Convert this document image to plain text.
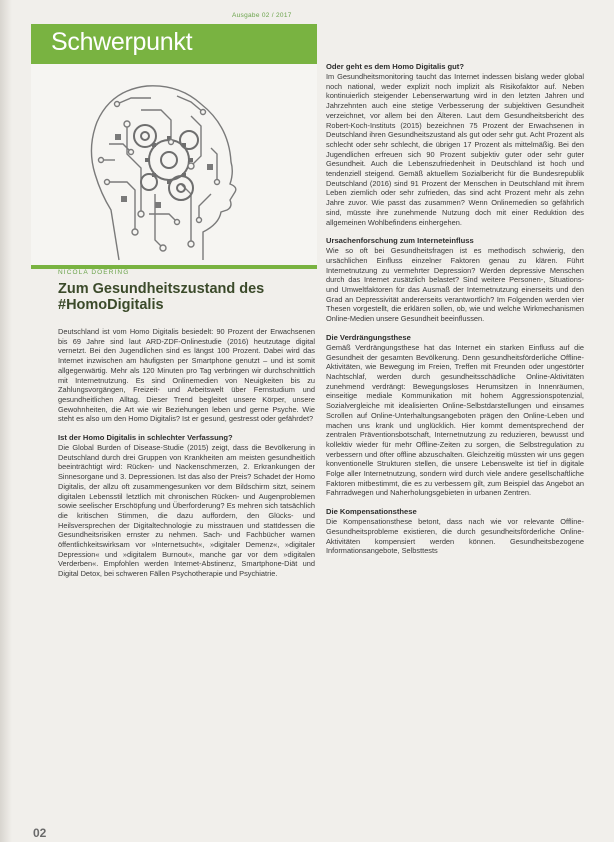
Ausgabe 02 / 2017
Schwerpunkt
NICOLA DOERING
Zum Gesundheitszustand des #HomoDigitalis

Deutschland ist vom Homo Digitalis besiedelt: 90 Prozent der Erwachsenen bis 69 Jahre sind laut ARD-ZDF-Onlinestudie (2016) heutzutage digital vernetzt. Bei den Jugendlichen sind es längst 100 Prozent. Dabei wird das Internet inzwischen am häufigsten per Smartphone genutzt – und ist somit allgegenwärtig. Mehr als 120 Minuten pro Tag verbringen wir durchschnittlich mit Internetnutzung. Es sind Onlinemedien von Neuigkeiten bis zu Zahlungsvorgängen, Freizeit- und Arbeitswelt über Fernstudium und gesundheitlichen Alltag. Dieser Trend begleitet unsere Körper, unsere Gewohnheiten, die Art wie wir Beziehungen leben und gerne Psyche. Wie steht es also um den Homo Digitalis? Ist er gesund, gestresst oder gefährdet?

Ist der Homo Digitalis in schlechter Verfassung?

Die Global Burden of Disease-Studie (2015) zeigt, dass die Bevölkerung in Deutschland durch drei Gruppen von Krankheiten am meisten gesundheitlich beeinträchtigt wird: Rücken- und Nackenschmerzen, 2. Erkrankungen der Sinnesorgane und 3. Depressionen. Ist das also der Preis? Schadet der Homo Digitalis, der allzu oft zusammengesunken vor dem Bildschirm sitzt, seinem digitalen Lebensstil letztlich mit chronischen Rücken- und Augenproblemen sowie seelischer Erschöpfung und Überforderung? Es mehren sich tatsächlich die kritischen Stimmen, die dazu auffordern, den Glücks- und Heilsversprechen der Digitaltechnologie zu misstrauen und stattdessen die Gesundheitsrisiken ernster zu nehmen. Sach- und Fachbücher warnen öffentlichkeitswirksam vor »Internetsucht«, »digitaler Demenz«, »digitaler Depression« und »digitalem Burnout«, manche gar vor dem »digitalen Verderben«. Empfohlen werden Internet-Abstinenz, Smartphone-Diät und Digital Detox, bei schweren Fällen Psychotherapie und Psychiatrie.

Oder geht es dem Homo Digitalis gut?

Im Gesundheitsmonitoring taucht das Internet indessen bislang weder global noch national, weder explizit noch implizit als Risikofaktor auf. Neben kontinuierlich steigender Lebenserwartung wird in den letzten Jahren und Jahrzehnten auch eine stetige Verbesserung der subjektiven Gesundheit verzeichnet, vor allem bei den Älteren. Laut dem Gesundheitsbericht des Robert-Koch-Instituts (2015) bezeichnen 75 Prozent der Erwachsenen in Deutschland ihren Gesundheitszustand als gut oder sehr gut. Acht Prozent als schlecht oder sehr schlecht, die übrigen 17 Prozent als mittelmäßig. Bei den Jugendlichen erfreuen sich 90 Prozent subjektiv guter oder sehr guter Gesundheit. Auch die Lebenszufriedenheit in Deutschland ist hoch und tendenziell steigend. Gemäß aktuellem Sozialbericht für die Bundesrepublik Deutschland (2016) sind 91 Prozent der Menschen in Deutschland mit ihrem Leben ziemlich oder sehr zufrieden, das sind acht Prozent mehr als zehn Jahre zuvor. Wie passt das zusammen? Wenn Onlinemedien so gefährlich sind, müsste ihre zunehmende Nutzung doch mit einer Reduktion des allgemeinen Wohlbefindens einhergehen.

Ursachenforschung zum Interneteinfluss

Wie so oft bei Gesundheitsfragen ist es methodisch schwierig, den ursächlichen Einfluss einzelner Faktoren genau zu klären. Führt Internetnutzung zu vermehrter Depression? Werden depressive Menschen durch das Internet zusätzlich belastet? Sind weitere Personen-, Situations- und Umweltfaktoren für das Ausmaß der Internetnutzung einerseits und den Grad an Depressivität andererseits verantwortlich? Im Folgenden werden vier Thesen vorgestellt, die erklären sollen, ob, wie und welche Wirkmechanismen Online-Medien unsere Gesundheit beeinflussen.

Die Verdrängungsthese

Gemäß Verdrängungsthese hat das Internet ein starken Einfluss auf die Gesundheit der gesamten Bevölkerung. Denn gesundheitsförderliche Offline-Aktivitäten, wie Bewegung im Freien, Treffen mit Freunden oder ungestörter Nachtschlaf, werden durch gesundheitsschädliche Online-Aktivitäten zunehmend verdrängt: Bewegungsloses Herumsitzen in Innenräumen, einseitige mediale Kommunikation mit hohem Aggressionspotenzial, Sozialvergleiche mit idealisierten Online-Selbstdarstellungen und einsames Scrollen auf Online-Unterhaltungsangeboten prägen den Online-Leben und machen uns krank und unglücklich. Hier kommt dementsprechend der zentralen Präventionsbotschaft, Internetnutzung zu reduzieren, bewusst und kollektiv wieder für mehr Offline-Zeiten zu sorgen, die Selbstregulation zu verbessern und öfter offline abzuschalten. Gleichzeitig müssten wir uns gegen konventionelle Strukturen stellen, die unsere Lebenswelte ist tief in digitale Folge aller Internetnutzung, sondern wird durch viele andere gesellschaftliche Faktoren mitbestimmt, die es zu verbessern gilt, zum Beispiel das Angebot an Fahrradwegen und Naherholungsgebieten in urbanen Zentren.

Die Kompensationsthese

Die Kompensationsthese betont, dass nach wie vor relevante Offline-Gesundheitsprobleme existieren, die durch gesundheitsförderliche Online-Aktivitäten kompensiert werden können. Gesundheitsbezogene Informationsangebote, Selbsttests

02
